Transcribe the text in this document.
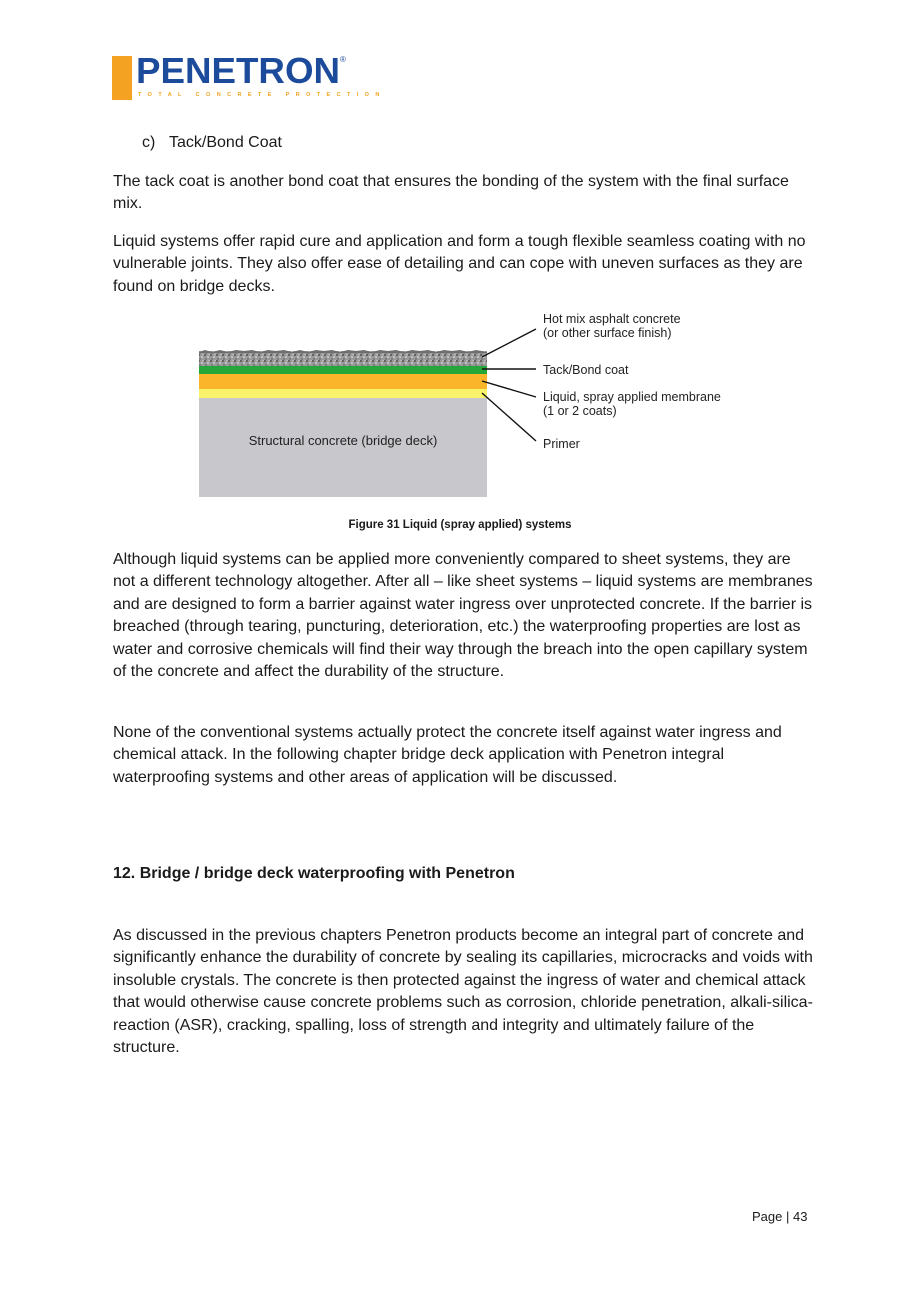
PENETRON ®
TOTAL CONCRETE PROTECTION
c) Tack/Bond Coat

The tack coat is another bond coat that ensures the bonding of the system with the final surface mix.

Liquid systems offer rapid cure and application and form a tough flexible seamless coating with no vulnerable joints. They also offer ease of detailing and can cope with uneven surfaces as they are found on bridge decks.

Structural concrete (bridge deck)
Hot mix asphalt concrete
(or other surface finish)
Tack/Bond coat
Liquid, spray applied membrane
(1 or 2 coats)
Primer
Figure 31 Liquid (spray applied) systems

Although liquid systems can be applied more conveniently compared to sheet systems, they are not a different technology altogether. After all – like sheet systems – liquid systems are membranes and are designed to form a barrier against water ingress over unprotected concrete. If the barrier is breached (through tearing, puncturing, deterioration, etc.) the waterproofing properties are lost as water and corrosive chemicals will find their way through the breach into the open capillary system of the concrete and affect the durability of the structure.

None of the conventional systems actually protect the concrete itself against water ingress and chemical attack. In the following chapter bridge deck application with Penetron integral waterproofing systems and other areas of application will be discussed.

12. Bridge / bridge deck waterproofing with Penetron

As discussed in the previous chapters Penetron products become an integral part of concrete and significantly enhance the durability of concrete by sealing its capillaries, microcracks and voids with insoluble crystals. The concrete is then protected against the ingress of water and chemical attack that would otherwise cause concrete problems such as corrosion, chloride penetration, alkali-silica-reaction (ASR), cracking, spalling, loss of strength and integrity and ultimately failure of the structure.

Page | 43
